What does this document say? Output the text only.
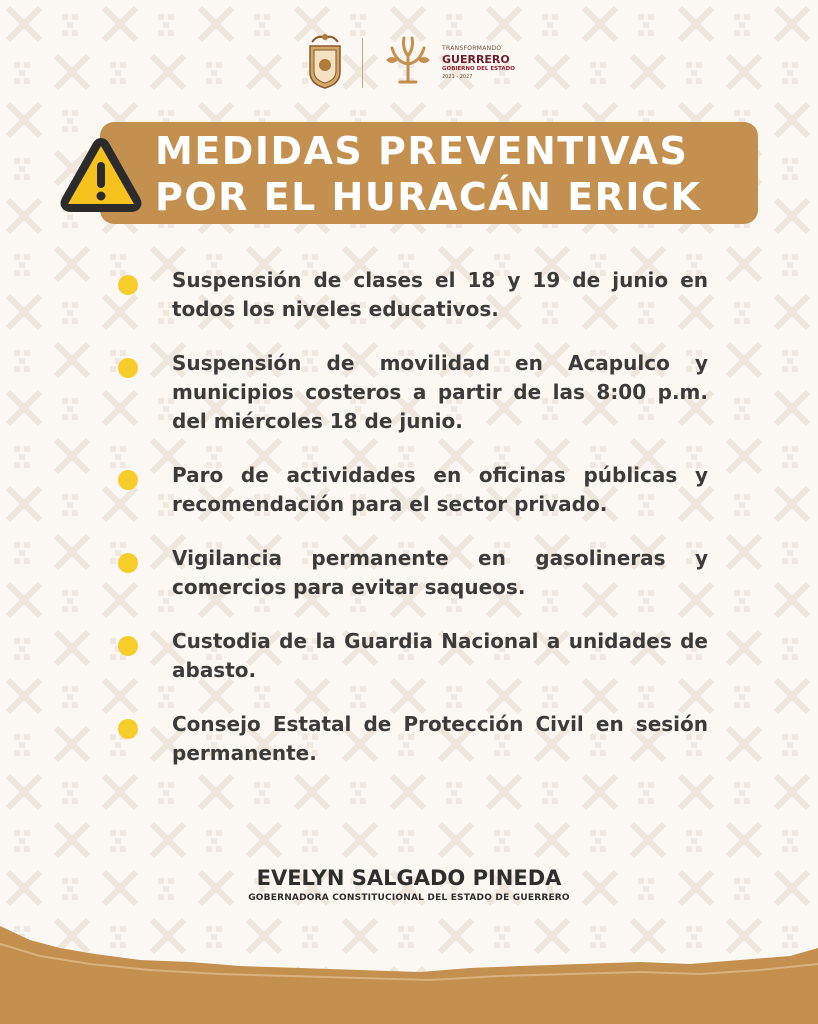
TRANSFORMANDO
GUERRERO
GOBIERNO DEL ESTADO
2021 - 2027
MEDIDAS PREVENTIVAS
POR EL HURACÁN ERICK

Suspensión de clases el 18 y 19 de junio en todos los niveles educativos.

Suspensión de movilidad en Acapulco y municipios costeros a partir de las 8:00 p.m. del miércoles 18 de junio.

Paro de actividades en oficinas públicas y recomendación para el sector privado.

Vigilancia permanente en gasolineras y comercios para evitar saqueos.

Custodia de la Guardia Nacional a unidades de abasto.

Consejo Estatal de Protección Civil en sesión permanente.

EVELYN SALGADO PINEDA
GOBERNADORA CONSTITUCIONAL DEL ESTADO DE GUERRERO
